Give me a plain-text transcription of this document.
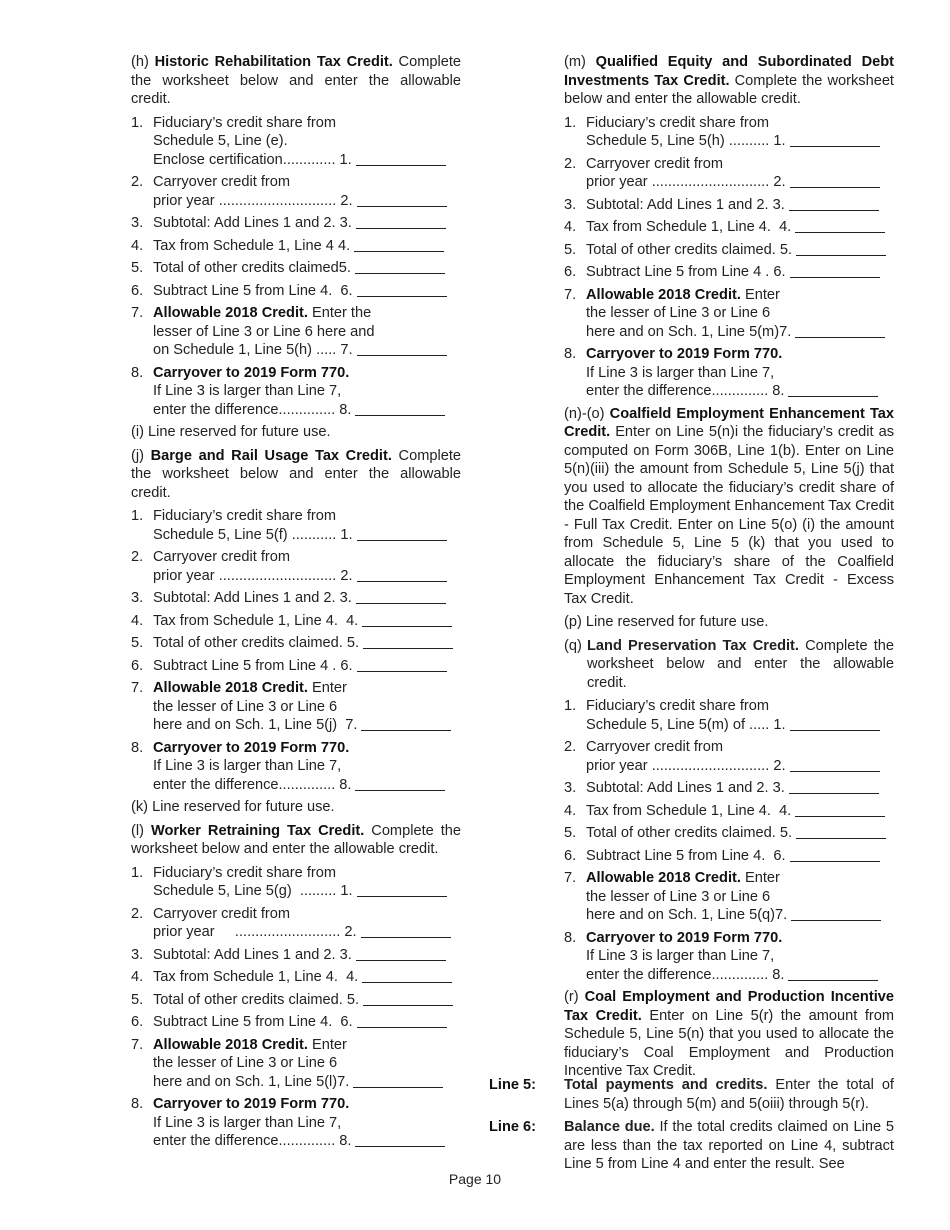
(h) Historic Rehabilitation Tax Credit. Complete the worksheet below and enter the allowable credit.

1. Fiduciary’s credit share from
Schedule 5, Line (e).
Enclose certification............. 1.
2. Carryover credit from
prior year ............................. 2.
3. Subtotal: Add Lines 1 and 2. 3.
4. Tax from Schedule 1, Line 4 4.
5. Total of other credits claimed5.
6. Subtract Line 5 from Line 4.  6.
7. Allowable 2018 Credit. Enter the
lesser of Line 3 or Line 6 here and
on Schedule 1, Line 5(h) ..... 7.
8. Carryover to 2019 Form 770.
If Line 3 is larger than Line 7,
enter the difference.............. 8.

(i) Line reserved for future use.

(j) Barge and Rail Usage Tax Credit. Complete the worksheet below and enter the allowable credit.

1. Fiduciary’s credit share from
Schedule 5, Line 5(f) ........... 1.
2. Carryover credit from
prior year ............................. 2.
3. Subtotal: Add Lines 1 and 2. 3.
4. Tax from Schedule 1, Line 4.  4.
5. Total of other credits claimed. 5.
6. Subtract Line 5 from Line 4 . 6.
7. Allowable 2018 Credit. Enter
the lesser of Line 3 or Line 6
here and on Sch. 1, Line 5(j)  7.
8. Carryover to 2019 Form 770.
If Line 3 is larger than Line 7,
enter the difference.............. 8.

(k) Line reserved for future use.

(l) Worker Retraining Tax Credit. Complete the worksheet below and enter the allowable credit.

1. Fiduciary’s credit share from
Schedule 5, Line 5(g)  ......... 1.
2. Carryover credit from
prior year     .......................... 2.
3. Subtotal: Add Lines 1 and 2. 3.
4. Tax from Schedule 1, Line 4.  4.
5. Total of other credits claimed. 5.
6. Subtract Line 5 from Line 4.  6.
7. Allowable 2018 Credit. Enter
the lesser of Line 3 or Line 6
here and on Sch. 1, Line 5(l)7.
8. Carryover to 2019 Form 770.
If Line 3 is larger than Line 7,
enter the difference.............. 8.

(m) Qualified Equity and Subordinated Debt Investments Tax Credit. Complete the worksheet below and enter the allowable credit.

1. Fiduciary’s credit share from
Schedule 5, Line 5(h) .......... 1.
2. Carryover credit from
prior year ............................. 2.
3. Subtotal: Add Lines 1 and 2. 3.
4. Tax from Schedule 1, Line 4.  4.
5. Total of other credits claimed. 5.
6. Subtract Line 5 from Line 4 . 6.
7. Allowable 2018 Credit. Enter
the lesser of Line 3 or Line 6
here and on Sch. 1, Line 5(m)7.
8. Carryover to 2019 Form 770.
If Line 3 is larger than Line 7,
enter the difference.............. 8.

(n)-(o) Coalfield Employment Enhancement Tax Credit. Enter on Line 5(n)i the fiduciary’s credit as computed on Form 306B, Line 1(b). Enter on Line 5(n)(iii) the amount from Schedule 5, Line 5(j) that you used to allocate the fiduciary’s credit share of the Coalfield Employment Enhancement Tax Credit - Full Tax Credit. Enter on Line 5(o) (i) the amount from Schedule 5, Line 5 (k) that you used to allocate the fiduciary’s share of the Coalfield Employment Enhancement Tax Credit - Excess Tax Credit.

(p) Line reserved for future use.

(q) Land Preservation Tax Credit. Complete the worksheet below and enter the allowable credit.
1. Fiduciary’s credit share from
Schedule 5, Line 5(m) of ..... 1.
2. Carryover credit from
prior year ............................. 2.
3. Subtotal: Add Lines 1 and 2. 3.
4. Tax from Schedule 1, Line 4.  4.
5. Total of other credits claimed. 5.
6. Subtract Line 5 from Line 4.  6.
7. Allowable 2018 Credit. Enter
the lesser of Line 3 or Line 6
here and on Sch. 1, Line 5(q)7.
8. Carryover to 2019 Form 770.
If Line 3 is larger than Line 7,
enter the difference.............. 8.

(r) Coal Employment and Production Incentive Tax Credit. Enter on Line 5(r) the amount from Schedule 5, Line 5(n) that you used to allocate the fiduciary’s Coal Employment and Production Incentive Tax Credit.

Line 5:	Total payments and credits. Enter the total of Lines 5(a) through 5(m) and 5(oiii) through 5(r).
Line 6:	Balance due. If the total credits claimed on Line 5 are less than the tax reported on Line 4, subtract Line 5 from Line 4 and enter the result. See
Page 10
